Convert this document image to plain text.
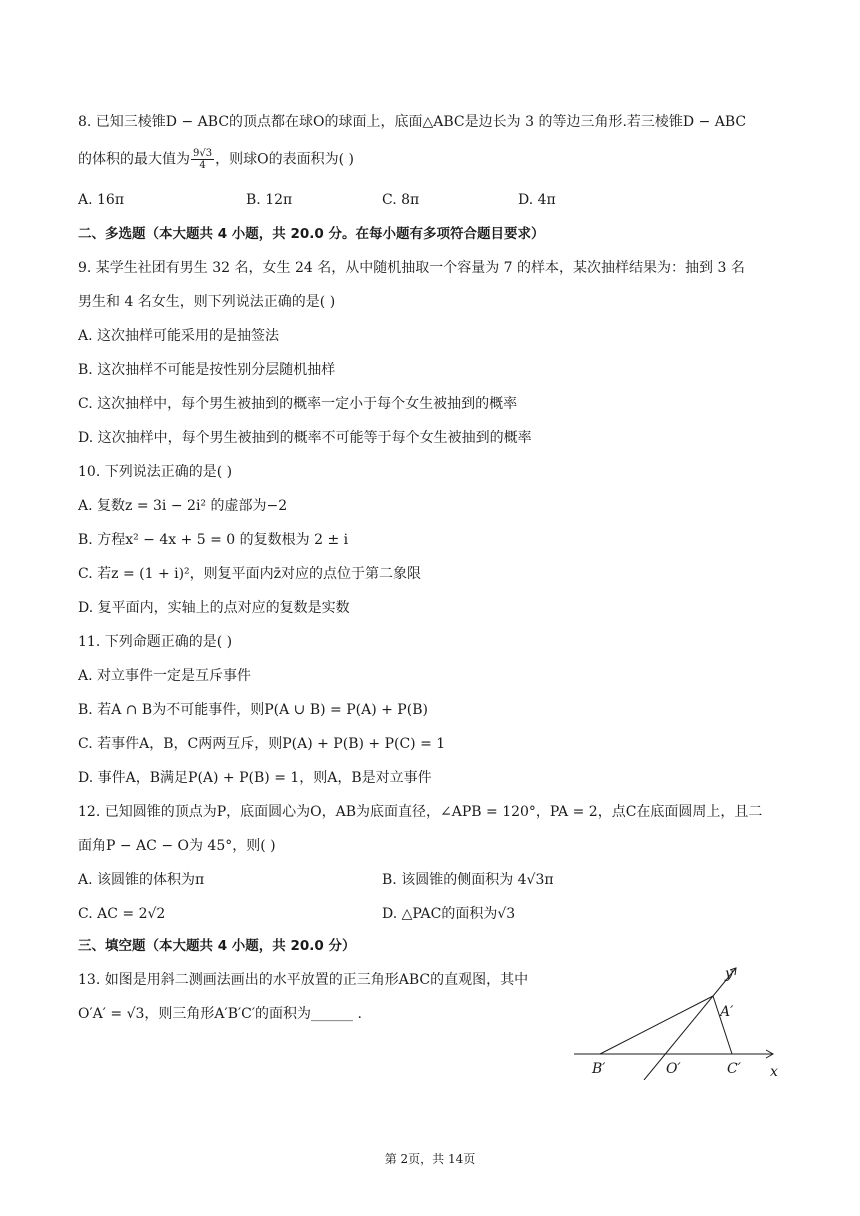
8. 已知三棱锥D − ABC的顶点都在球O的球面上，底面△ABC是边长为 3 的等边三角形.若三棱锥D − ABC
的体积的最大值为 $\frac{9√3}{4}$ ，则球O的表面积为( )
A. 16π	B. 12π	C. 8π	D. 4π
二、多选题（本大题共 4 小题，共 20.0 分。在每小题有多项符合题目要求）
9. 某学生社团有男生 32 名，女生 24 名，从中随机抽取一个容量为 7 的样本，某次抽样结果为：抽到 3 名
男生和 4 名女生，则下列说法正确的是( )
A. 这次抽样可能采用的是抽签法
B. 这次抽样不可能是按性别分层随机抽样
C. 这次抽样中，每个男生被抽到的概率一定小于每个女生被抽到的概率
D. 这次抽样中，每个男生被抽到的概率不可能等于每个女生被抽到的概率
10. 下列说法正确的是( )
A. 复数z = 3i − 2i² 的虚部为−2
B. 方程x² − 4x + 5 = 0 的复数根为 2 ± i
C. 若z = (1 + i)²，则复平面内z̄对应的点位于第二象限
D. 复平面内，实轴上的点对应的复数是实数
11. 下列命题正确的是( )
A. 对立事件一定是互斥事件
B. 若A ∩ B为不可能事件，则P(A ∪ B) = P(A) + P(B)
C. 若事件A，B，C两两互斥，则P(A) + P(B) + P(C) = 1
D. 事件A，B满足P(A) + P(B) = 1，则A，B是对立事件
12. 已知圆锥的顶点为P，底面圆心为O，AB为底面直径，∠APB = 120°，PA = 2，点C在底面圆周上，且二
面角P − AC − O为 45°，则( )
A. 该圆锥的体积为π	B. 该圆锥的侧面积为 4√3π
C. AC = 2√2	D. △PAC的面积为√3
三、填空题（本大题共 4 小题，共 20.0 分）
13. 如图是用斜二测画法画出的水平放置的正三角形ABC的直观图，其中
O′A′ = √3，则三角形A′B′C′的面积为______ .
y
x
A′
B′	O′	C′
第 2页，共 14页
